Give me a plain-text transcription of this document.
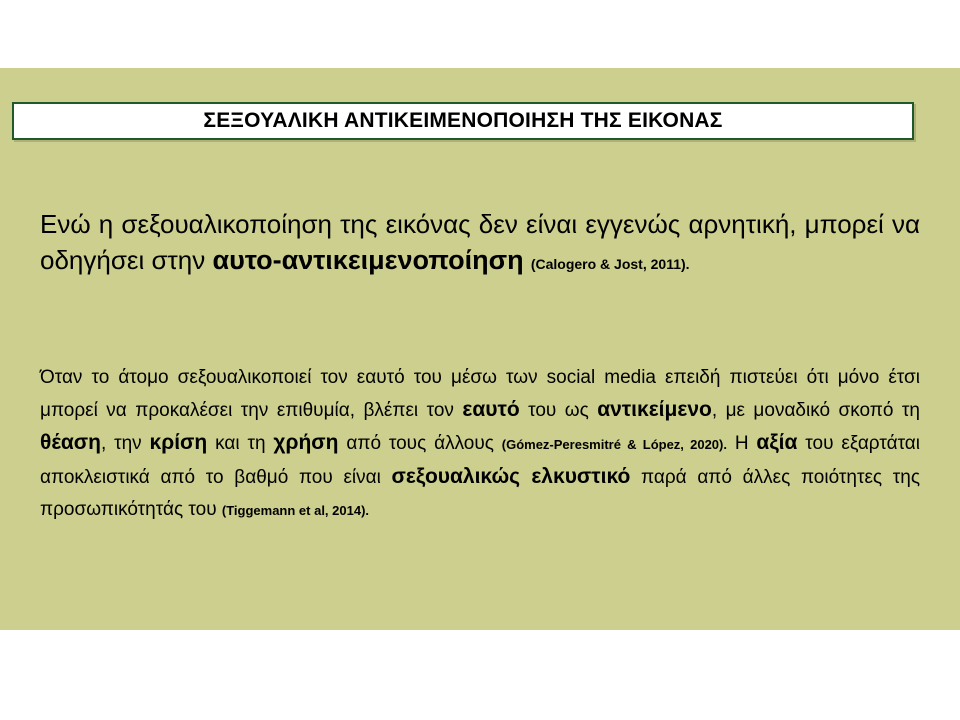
ΣΕΞΟΥΑΛΙΚΗ ΑΝΤΙΚΕΙΜΕΝΟΠΟΙΗΣΗ ΤΗΣ ΕΙΚΟΝΑΣ

Ενώ η σεξουαλικοποίηση της εικόνας δεν είναι εγγενώς αρνητική, μπορεί να οδηγήσει στην αυτο-αντικειμενοποίηση (Calogero & Jost, 2011).

Όταν το άτομο σεξουαλικοποιεί τον εαυτό του μέσω των social media επειδή πιστεύει ότι μόνο έτσι μπορεί να προκαλέσει την επιθυμία, βλέπει τον εαυτό του ως αντικείμενο, με μοναδικό σκοπό τη θέαση, την κρίση και τη χρήση από τους άλλους (Gómez-Peresmitré & López, 2020). Η αξία του εξαρτάται αποκλειστικά από το βαθμό που είναι σεξουαλικώς ελκυστικό παρά από άλλες ποιότητες της προσωπικότητάς του (Tiggemann et al, 2014).
